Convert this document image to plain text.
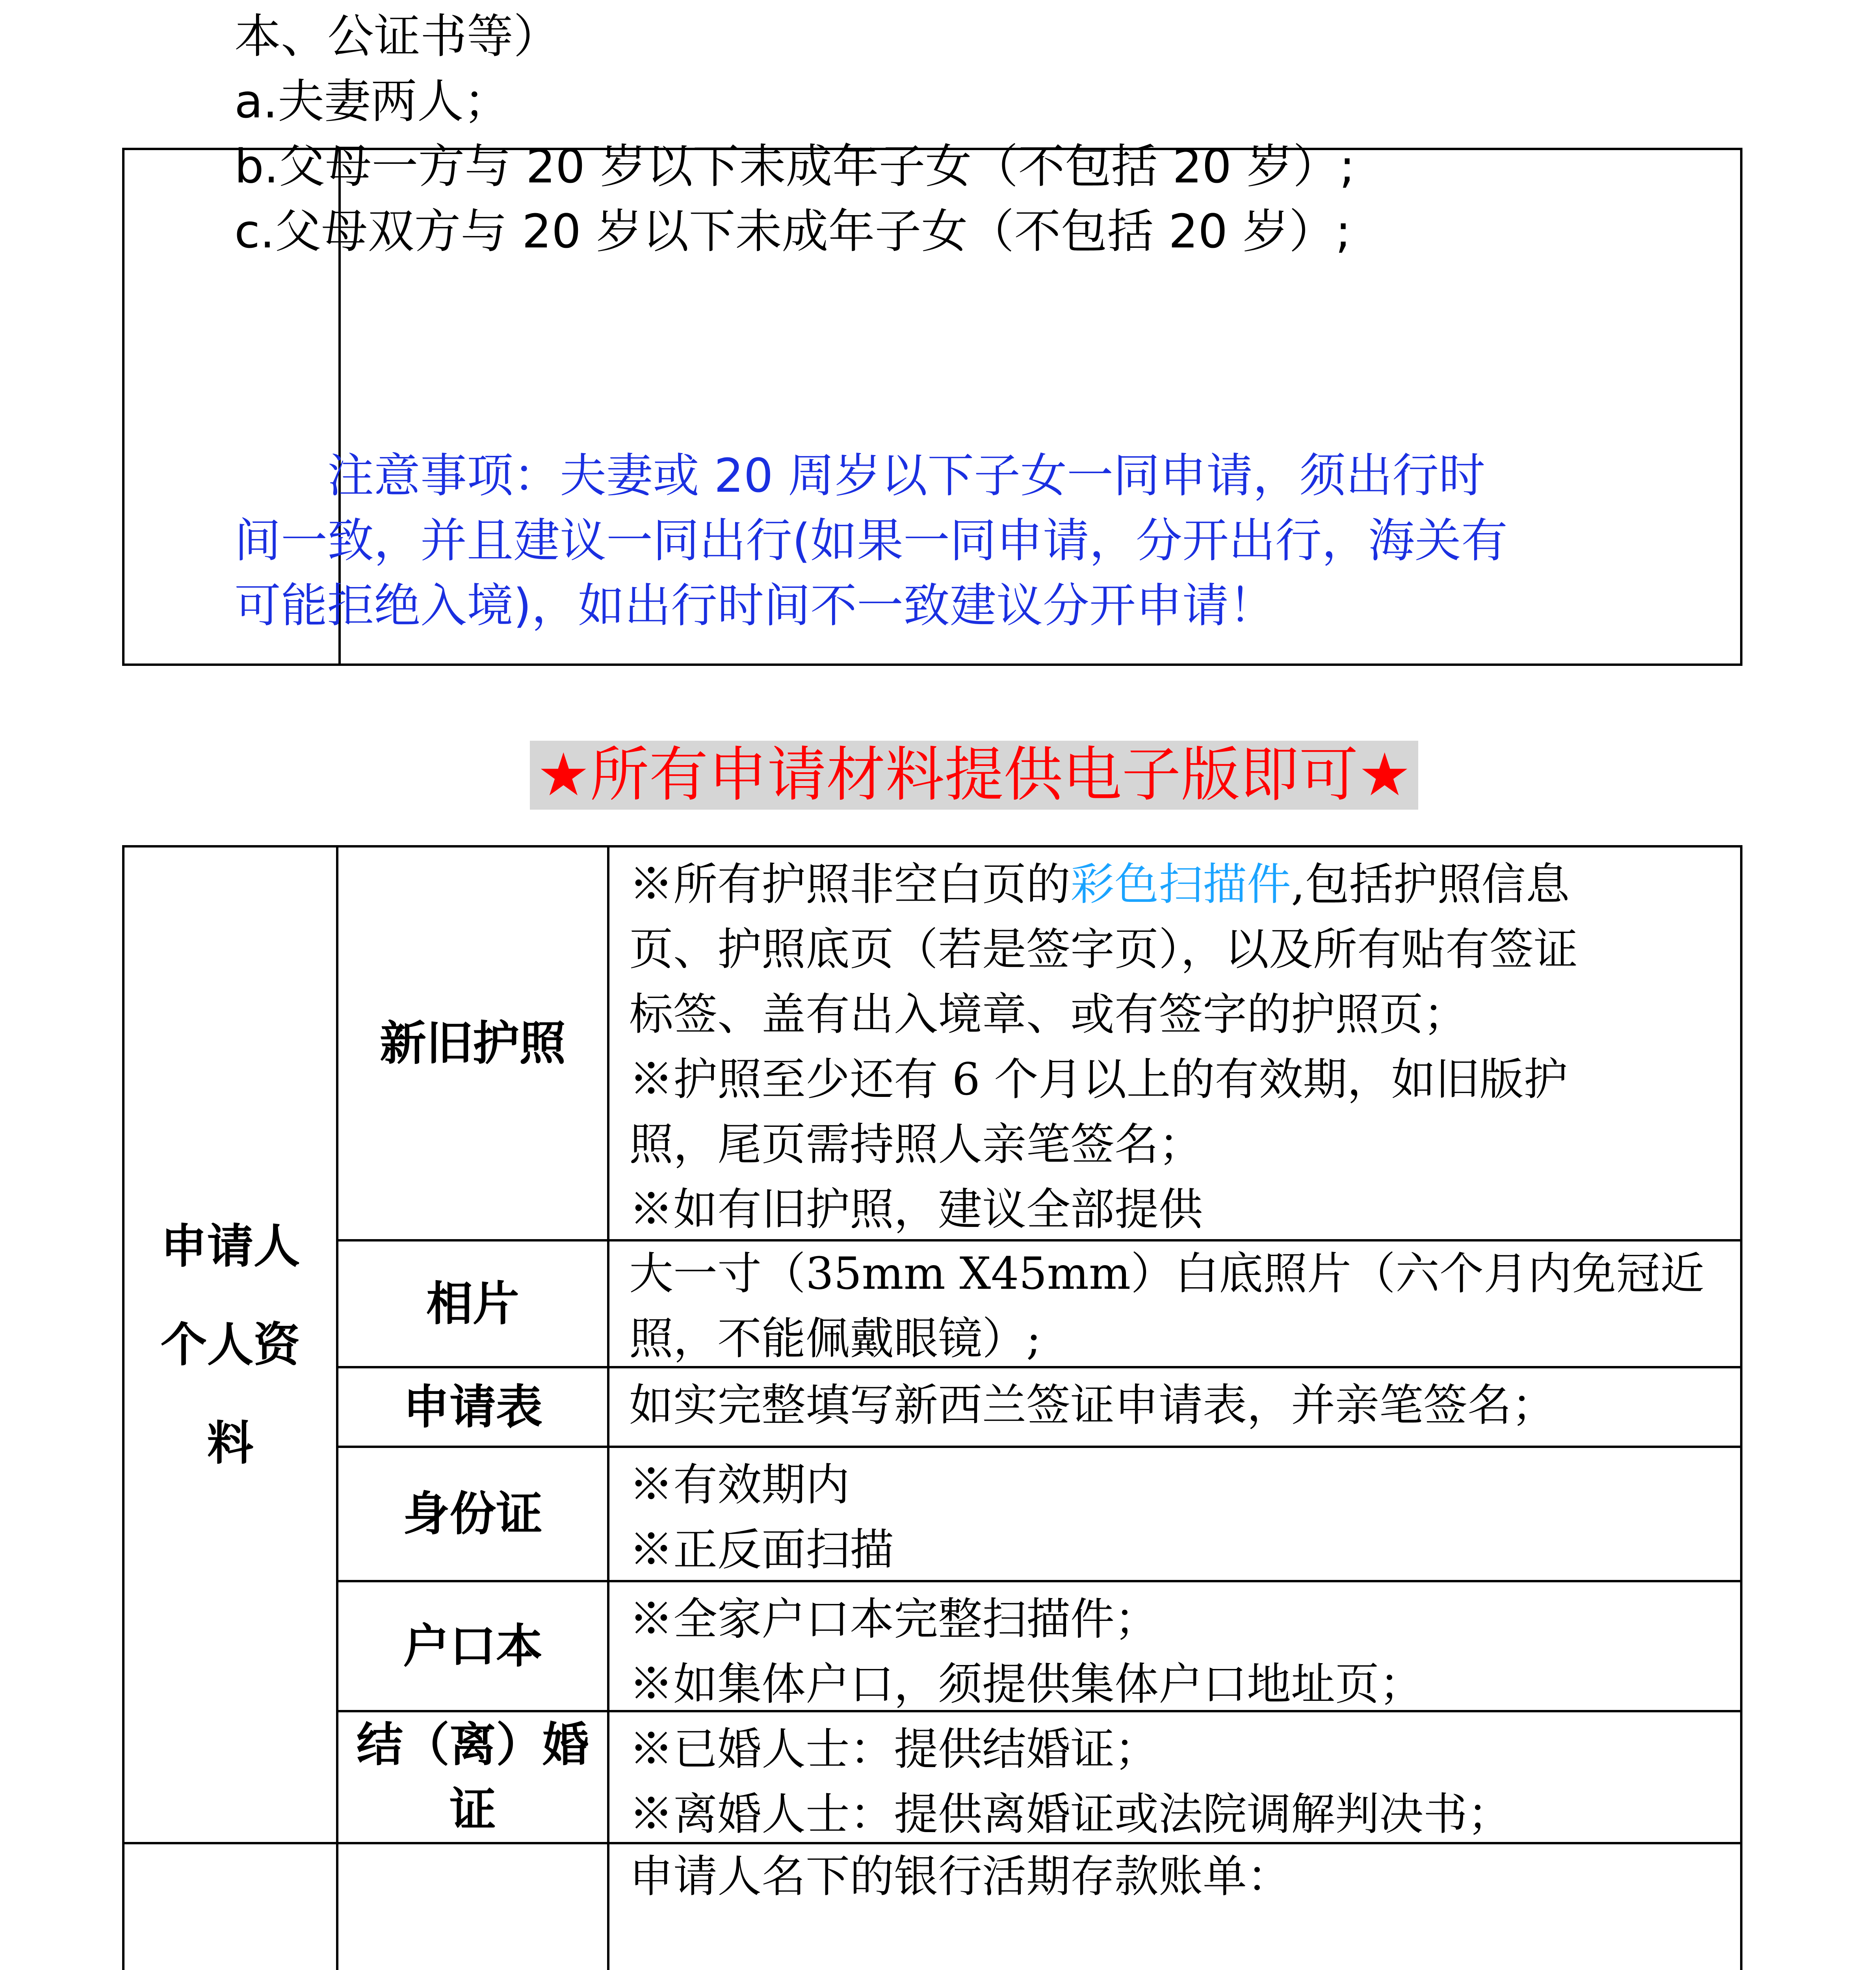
本、公证书等）
a.夫妻两人；
b.父母一方与 20 岁以下未成年子女（不包括 20 岁）;
c.父母双方与 20 岁以下未成年子女（不包括 20 岁）;
　　注意事项：夫妻或 20 周岁以下子女一同申请，须出行时
间一致，并且建议一同出行(如果一同申请，分开出行，海关有
可能拒绝入境)，如出行时间不一致建议分开申请！
★所有申请材料提供电子版即可★
申请人
个人资
料
新旧护照
※所有护照非空白页的彩色扫描件,包括护照信息
页、护照底页（若是签字页），以及所有贴有签证
标签、盖有出入境章、或有签字的护照页；
※护照至少还有 6 个月以上的有效期，如旧版护
照，尾页需持照人亲笔签名；
※如有旧护照，建议全部提供
相片
大一寸（35mm X45mm）白底照片（六个月内免冠近
照，不能佩戴眼镜）;
申请表 如实完整填写新西兰签证申请表，并亲笔签名；
身份证
※有效期内
※正反面扫描
户口本 ※全家户口本完整扫描件；
※如集体户口，须提供集体户口地址页；
结（离）婚
证
※已婚人士：提供结婚证；
※离婚人士：提供离婚证或法院调解判决书；
申请人名下的银行活期存款账单：
